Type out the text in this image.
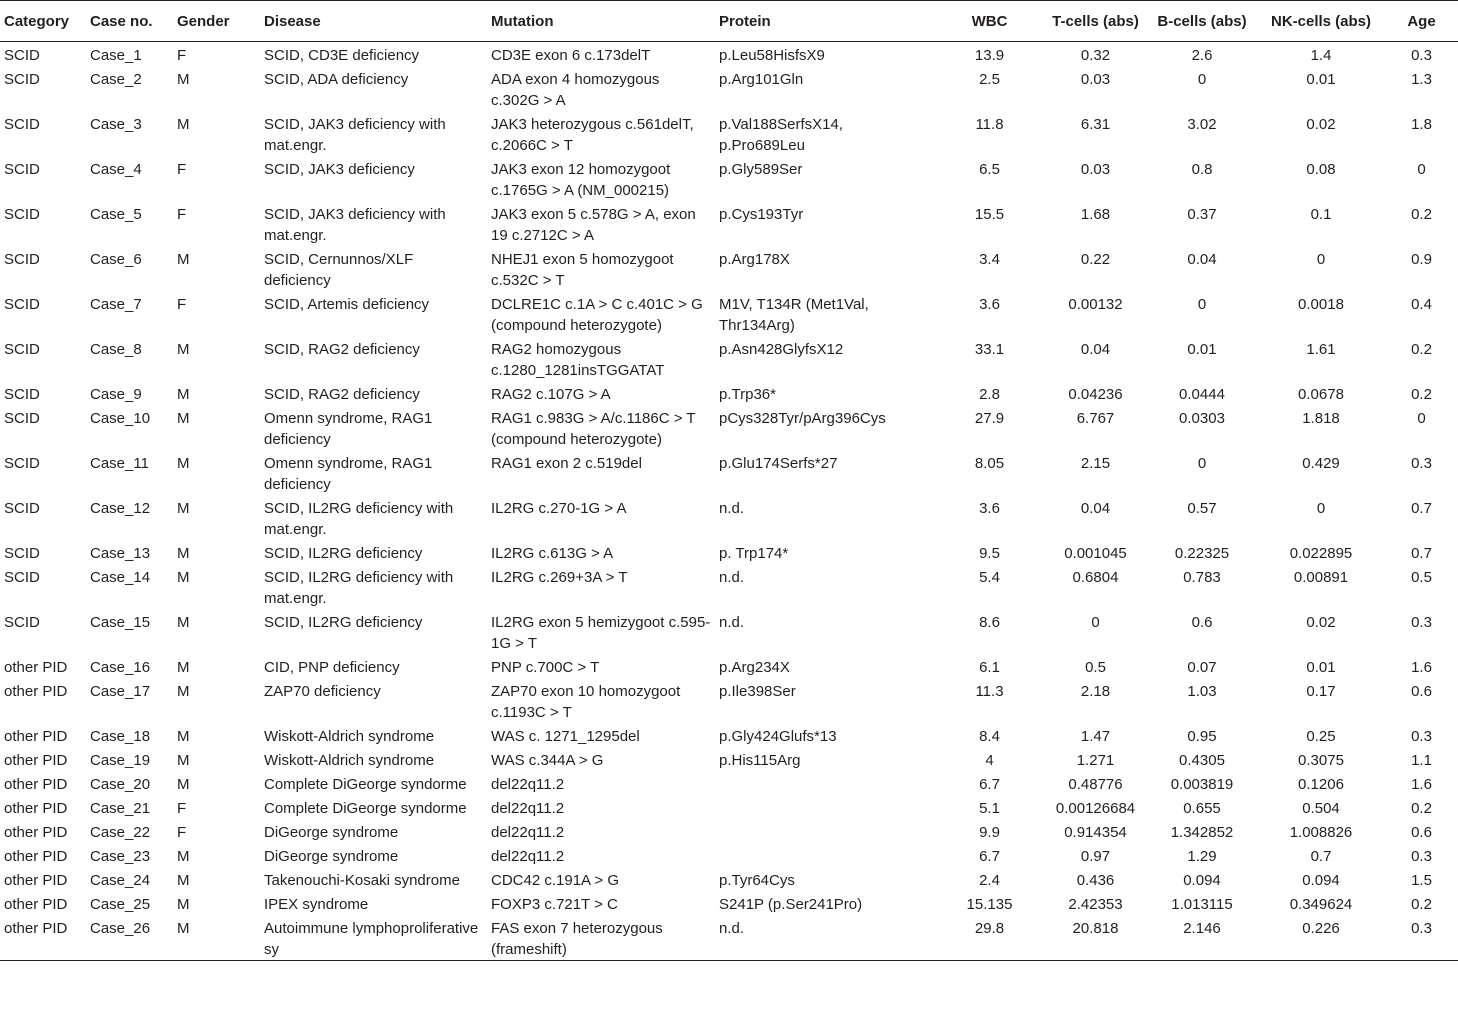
Category	Case no.	Gender	Disease	Mutation	Protein	WBC	T-cells (abs)	B-cells (abs)	NK-cells (abs)	Age
SCID	Case_1	F	SCID, CD3E deficiency	CD3E exon 6 c.173delT	p.Leu58HisfsX9	13.9	0.32	2.6	1.4	0.3
SCID	Case_2	M	SCID, ADA deficiency	ADA exon 4 homozygous c.302G > A	p.Arg101Gln	2.5	0.03	0	0.01	1.3
SCID	Case_3	M	SCID, JAK3 deficiency with mat.engr.	JAK3 heterozygous c.561delT, c.2066C > T	p.Val188SerfsX14, p.Pro689Leu	11.8	6.31	3.02	0.02	1.8
SCID	Case_4	F	SCID, JAK3 deficiency	JAK3 exon 12 homozygoot c.1765G > A (NM_000215)	p.Gly589Ser	6.5	0.03	0.8	0.08	0
SCID	Case_5	F	SCID, JAK3 deficiency with mat.engr.	JAK3 exon 5 c.578G > A, exon 19 c.2712C > A	p.Cys193Tyr	15.5	1.68	0.37	0.1	0.2
SCID	Case_6	M	SCID, Cernunnos/XLF deficiency	NHEJ1 exon 5 homozygoot c.532C > T	p.Arg178X	3.4	0.22	0.04	0	0.9
SCID	Case_7	F	SCID, Artemis deficiency	DCLRE1C c.1A > C c.401C > G (compound heterozygote)	M1V, T134R (Met1Val, Thr134Arg)	3.6	0.00132	0	0.0018	0.4
SCID	Case_8	M	SCID, RAG2 deficiency	RAG2 homozygous c.1280_1281insTGGATAT	p.Asn428GlyfsX12	33.1	0.04	0.01	1.61	0.2
SCID	Case_9	M	SCID, RAG2 deficiency	RAG2 c.107G > A	p.Trp36*	2.8	0.04236	0.0444	0.0678	0.2
SCID	Case_10	M	Omenn syndrome, RAG1 deficiency	RAG1 c.983G > A/c.1186C > T (compound heterozygote)	pCys328Tyr/pArg396Cys	27.9	6.767	0.0303	1.818	0
SCID	Case_11	M	Omenn syndrome, RAG1 deficiency	RAG1 exon 2 c.519del	p.Glu174Serfs*27	8.05	2.15	0	0.429	0.3
SCID	Case_12	M	SCID, IL2RG deficiency with mat.engr.	IL2RG c.270-1G > A	n.d.	3.6	0.04	0.57	0	0.7
SCID	Case_13	M	SCID, IL2RG deficiency	IL2RG c.613G > A	p. Trp174*	9.5	0.001045	0.22325	0.022895	0.7
SCID	Case_14	M	SCID, IL2RG deficiency with mat.engr.	IL2RG c.269+3A > T	n.d.	5.4	0.6804	0.783	0.00891	0.5
SCID	Case_15	M	SCID, IL2RG deficiency	IL2RG exon 5 hemizygoot c.595-1G > T	n.d.	8.6	0	0.6	0.02	0.3
other PID	Case_16	M	CID, PNP deficiency	PNP c.700C > T	p.Arg234X	6.1	0.5	0.07	0.01	1.6
other PID	Case_17	M	ZAP70 deficiency	ZAP70 exon 10 homozygoot c.1193C > T	p.Ile398Ser	11.3	2.18	1.03	0.17	0.6
other PID	Case_18	M	Wiskott-Aldrich syndrome	WAS c. 1271_1295del	p.Gly424Glufs*13	8.4	1.47	0.95	0.25	0.3
other PID	Case_19	M	Wiskott-Aldrich syndrome	WAS c.344A > G	p.His115Arg	4	1.271	0.4305	0.3075	1.1
other PID	Case_20	M	Complete DiGeorge syndorme	del22q11.2		6.7	0.48776	0.003819	0.1206	1.6
other PID	Case_21	F	Complete DiGeorge syndorme	del22q11.2		5.1	0.00126684	0.655	0.504	0.2
other PID	Case_22	F	DiGeorge syndrome	del22q11.2		9.9	0.914354	1.342852	1.008826	0.6
other PID	Case_23	M	DiGeorge syndrome	del22q11.2		6.7	0.97	1.29	0.7	0.3
other PID	Case_24	M	Takenouchi-Kosaki syndrome	CDC42 c.191A > G	p.Tyr64Cys	2.4	0.436	0.094	0.094	1.5
other PID	Case_25	M	IPEX syndrome	FOXP3 c.721T > C	S241P (p.Ser241Pro)	15.135	2.42353	1.013115	0.349624	0.2
other PID	Case_26	M	Autoimmune lymphoproliferative sy	FAS exon 7 heterozygous (frameshift)	n.d.	29.8	20.818	2.146	0.226	0.3
